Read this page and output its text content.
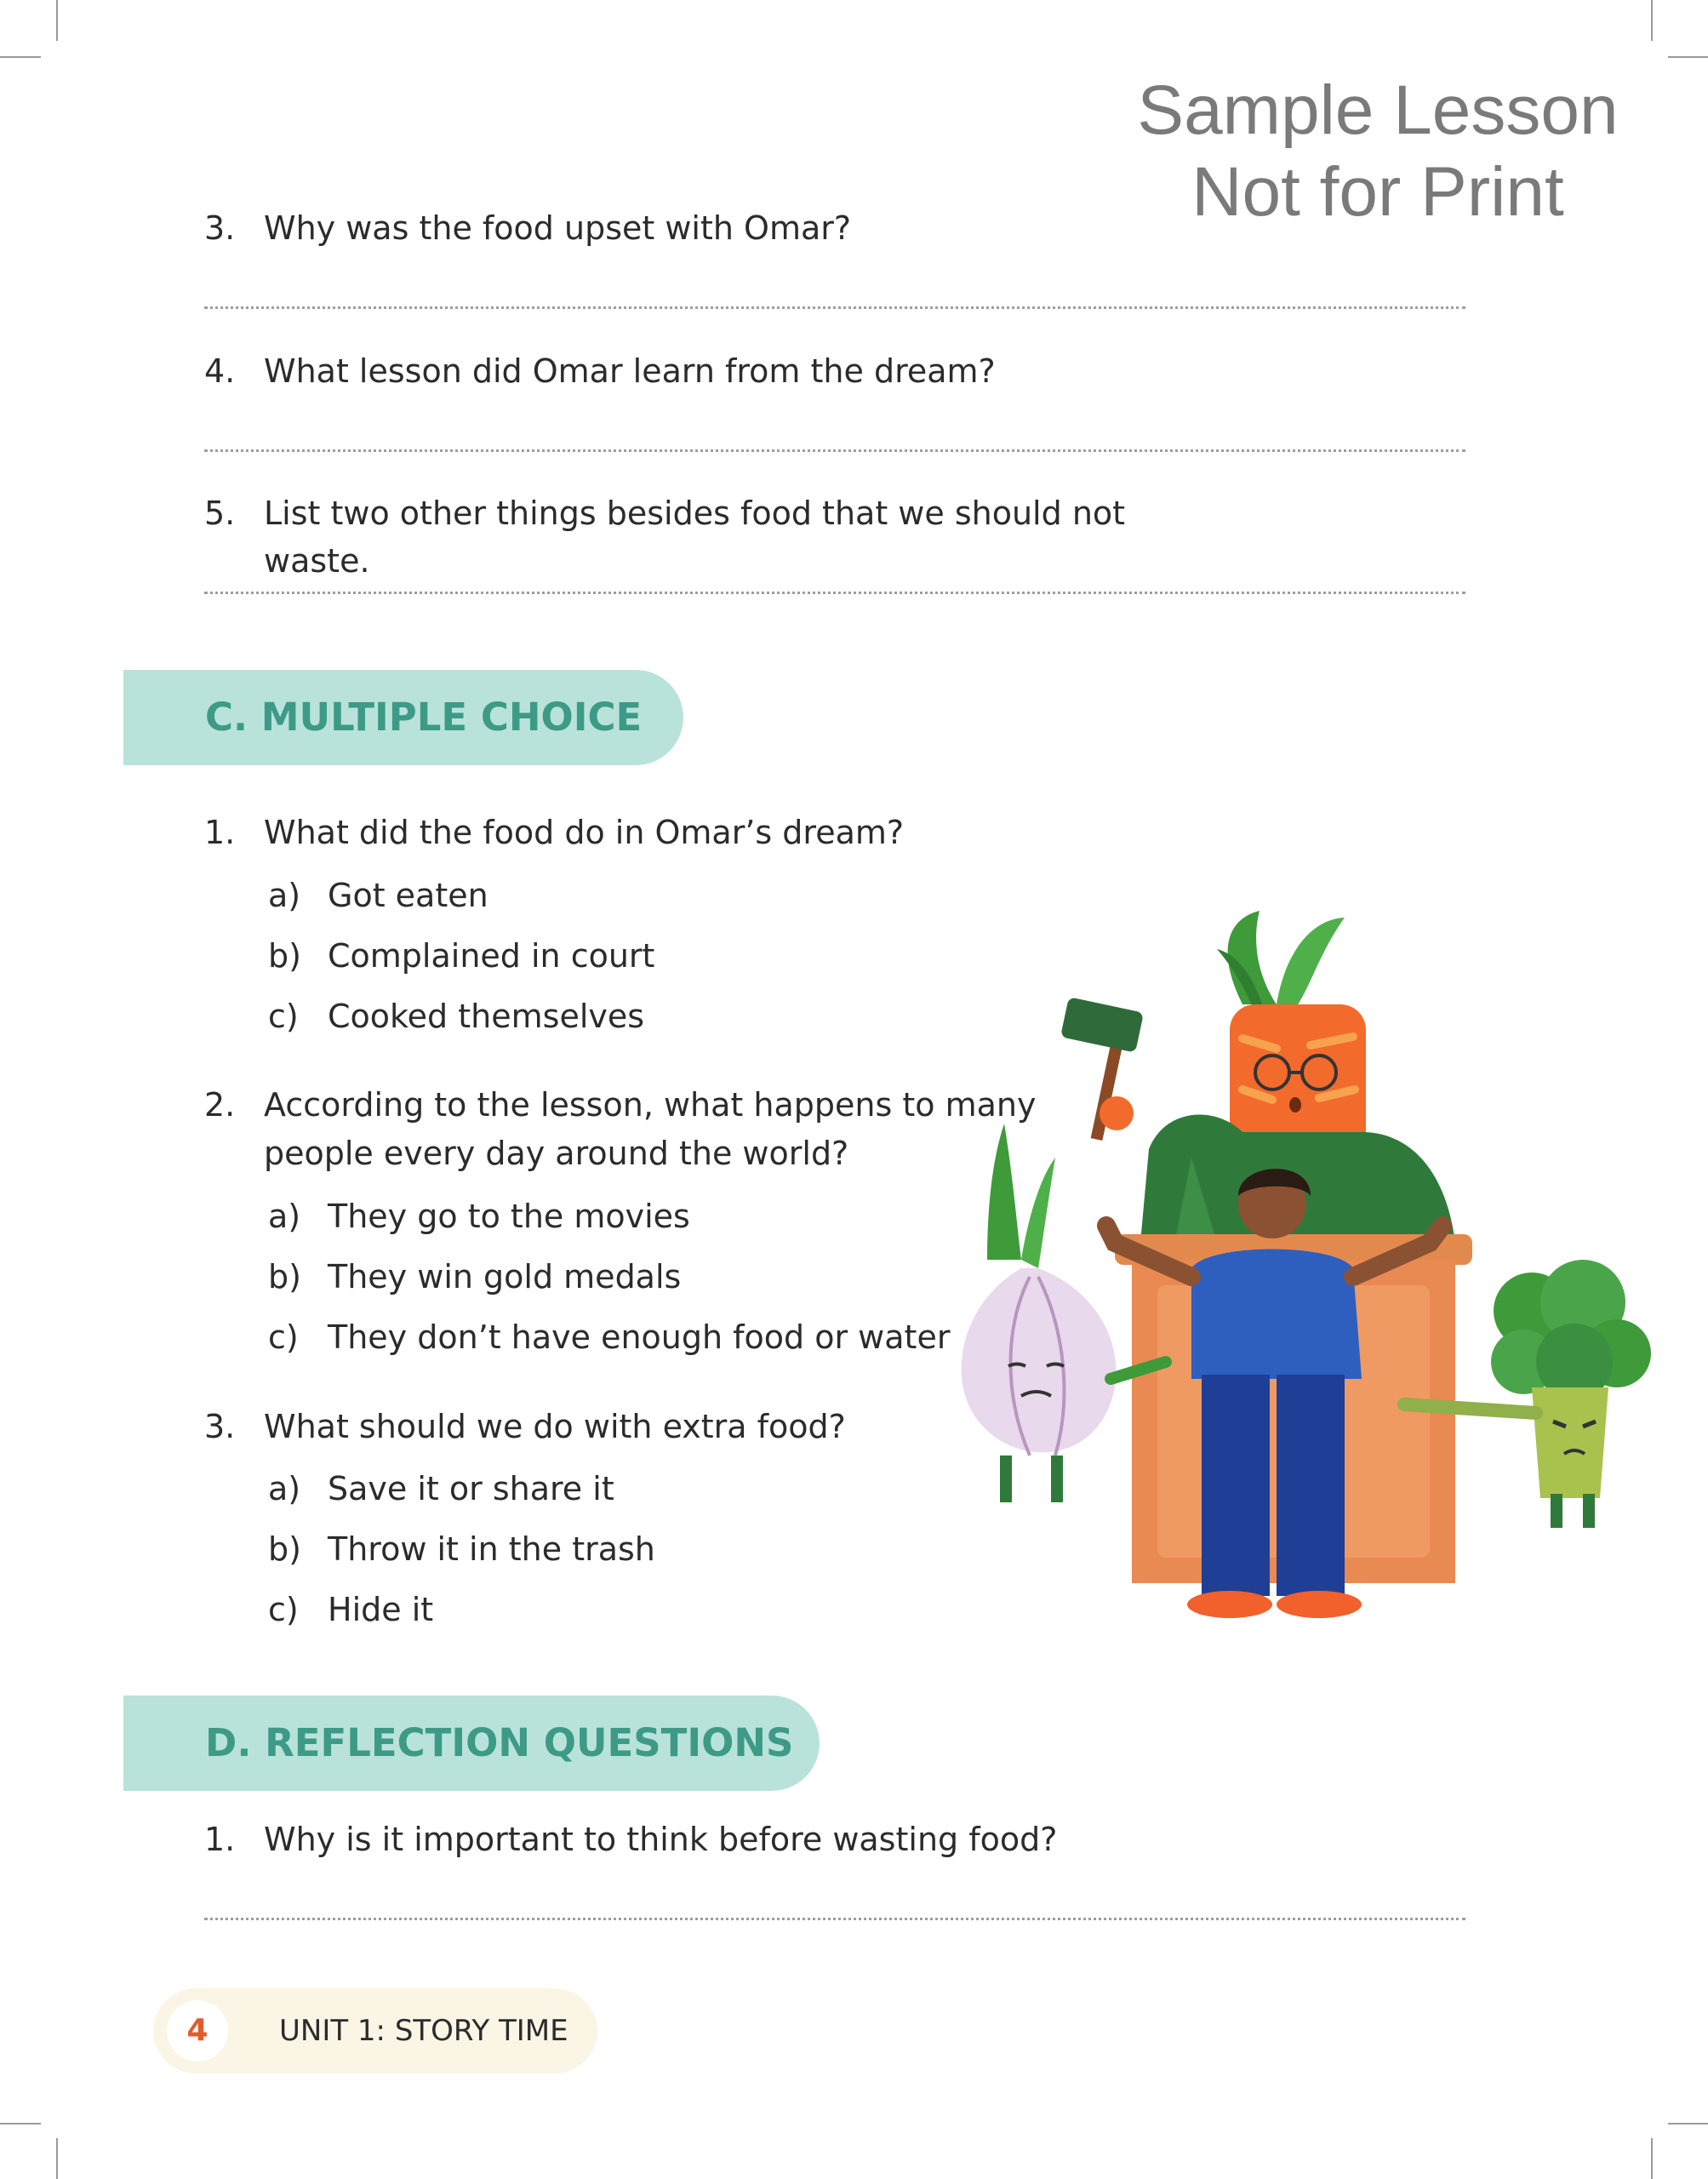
Sample Lesson
Not for Print
3. Why was the food upset with Omar?
4. What lesson did Omar learn from the dream?
5. List two other things besides food that we should not waste.
C. MULTIPLE CHOICE
1. What did the food do in Omar’s dream?
a) Got eaten
b) Complained in court
c) Cooked themselves
2. According to the lesson, what happens to many
people every day around the world?
a) They go to the movies
b) They win gold medals
c) They don’t have enough food or water
3. What should we do with extra food?
a) Save it or share it
b) Throw it in the trash
c) Hide it
D. REFLECTION QUESTIONS
1. Why is it important to think before wasting food?
4	UNIT 1: STORY TIME
